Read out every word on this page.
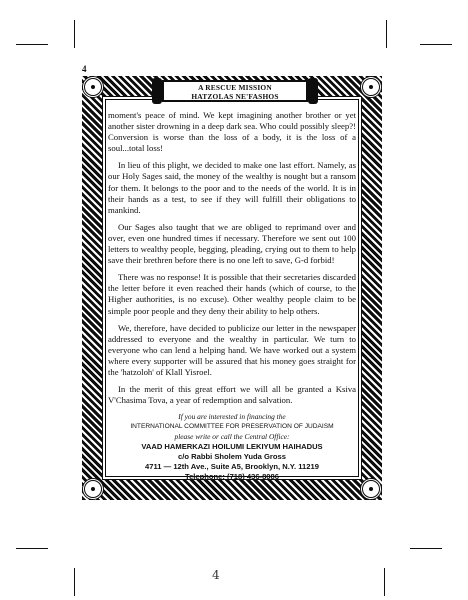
4
A RESCUE MISSION
HATZOLAS NE'FASHOS

moment's peace of mind. We kept imagining another brother or yet another sister drowning in a deep dark sea. Who could possibly sleep?! Conversion is worse than the loss of a body, it is the loss of a soul...total loss!

In lieu of this plight, we decided to make one last effort. Namely, as our Holy Sages said, the money of the wealthy is nought but a ransom for them. It belongs to the poor and to the needs of the world. It is in their hands as a test, to see if they will fulfill their obligations to mankind.

Our Sages also taught that we are obliged to reprimand over and over, even one hundred times if necessary. Therefore we sent out 100 letters to wealthy people, begging, pleading, crying out to them to help save their brethren before there is no one left to save, G-d forbid!

There was no response! It is possible that their secretaries discarded the letter before it even reached their hands (which of course, to the Higher authorities, is no excuse). Other wealthy people claim to be simple poor people and they deny their ability to help others.

We, therefore, have decided to publicize our letter in the newspaper addressed to everyone and the wealthy in particular. We turn to everyone who can lend a helping hand. We have worked out a system where every supporter will be assured that his money goes straight for the 'hatzoloh' of Klall Yisroel.

In the merit of this great effort we will all be granted a Ksiva V'Chasima Tova, a year of redemption and salvation.

If you are interested in financing the
INTERNATIONAL COMMITTEE FOR PRESERVATION OF JUDAISM
please write or call the Central Office:
VAAD HAMERKAZI HOILUMI LEKIYUM HAIHADUS
c/o Rabbi Sholem Yuda Gross
4711 — 12th Ave., Suite A5, Brooklyn, N.Y. 11219
Telephone: (718) 436-8086
4
